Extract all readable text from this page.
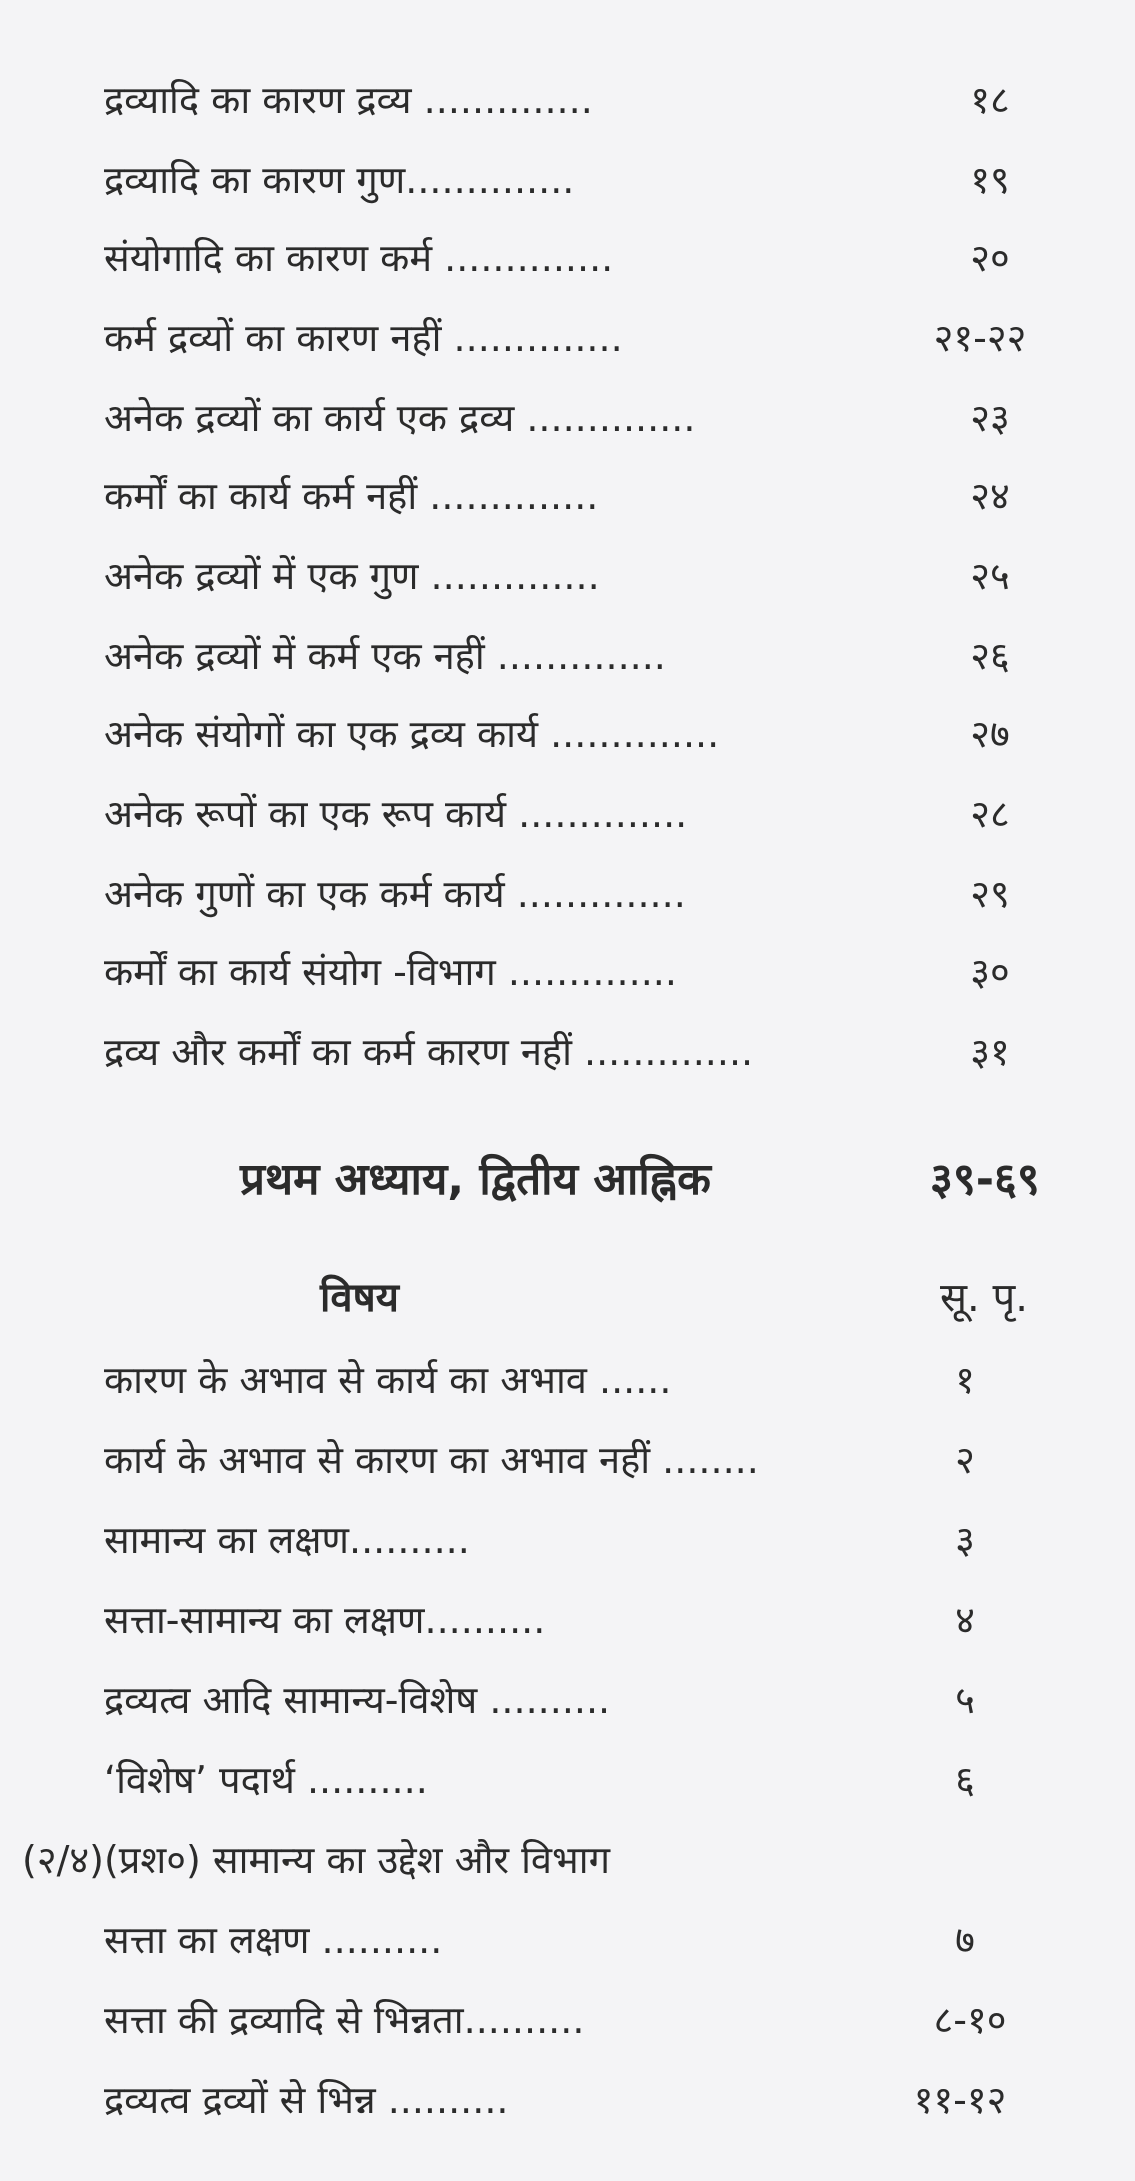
द्रव्यादि का कारण द्रव्य ..............	१८
द्रव्यादि का कारण गुण..............	१९
संयोगादि का कारण कर्म ..............	२०
कर्म द्रव्यों का कारण नहीं ..............	२१-२२
अनेक द्रव्यों का कार्य एक द्रव्य ..............	२३
कर्मों का कार्य कर्म नहीं ..............	२४
अनेक द्रव्यों में एक गुण ..............	२५
अनेक द्रव्यों में कर्म एक नहीं ..............	२६
अनेक संयोगों का एक द्रव्य कार्य ..............	२७
अनेक रूपों का एक रूप कार्य ..............	२८
अनेक गुणों का एक कर्म कार्य ..............	२९
कर्मों का कार्य संयोग -विभाग ..............	३०
द्रव्य और कर्मों का कर्म कारण नहीं ..............	३१
प्रथम अध्याय, द्वितीय आह्निक	३९-६९
विषय	सू. पृ.
कारण के अभाव से कार्य का अभाव ......	१
कार्य के अभाव से कारण का अभाव नहीं ........	२
सामान्य का लक्षण..........	३
सत्ता-सामान्य का लक्षण..........	४
द्रव्यत्व आदि सामान्य-विशेष ..........	५
‘विशेष’ पदार्थ ..........	६
(२/४)(प्रश०) सामान्य का उद्देश और विभाग
सत्ता का लक्षण ..........	७
सत्ता की द्रव्यादि से भिन्नता..........	८-१०
द्रव्यत्व द्रव्यों से भिन्न ..........	११-१२
